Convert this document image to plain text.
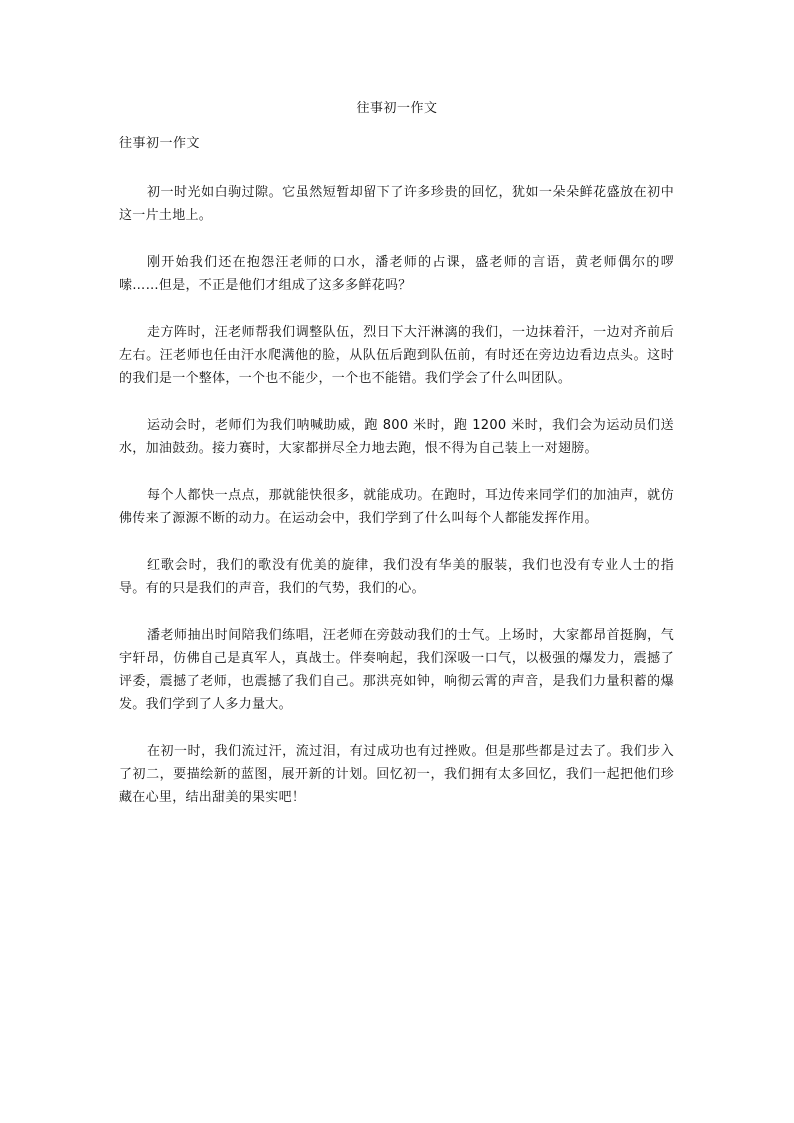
往事初一作文
往事初一作文

初一时光如白驹过隙。它虽然短暂却留下了许多珍贵的回忆，犹如一朵朵鲜花盛放在初中这一片土地上。

刚开始我们还在抱怨汪老师的口水，潘老师的占课，盛老师的言语，黄老师偶尔的啰嗦……但是，不正是他们才组成了这多多鲜花吗？

走方阵时，汪老师帮我们调整队伍，烈日下大汗淋漓的我们，一边抹着汗，一边对齐前后左右。汪老师也任由汗水爬满他的脸，从队伍后跑到队伍前，有时还在旁边边看边点头。这时的我们是一个整体，一个也不能少，一个也不能错。我们学会了什么叫团队。

运动会时，老师们为我们呐喊助威，跑 800 米时，跑 1200 米时，我们会为运动员们送水，加油鼓劲。接力赛时，大家都拼尽全力地去跑，恨不得为自己装上一对翅膀。

每个人都快一点点，那就能快很多，就能成功。在跑时，耳边传来同学们的加油声，就仿佛传来了源源不断的动力。在运动会中，我们学到了什么叫每个人都能发挥作用。

红歌会时，我们的歌没有优美的旋律，我们没有华美的服装，我们也没有专业人士的指导。有的只是我们的声音，我们的气势，我们的心。

潘老师抽出时间陪我们练唱，汪老师在旁鼓动我们的士气。上场时，大家都昂首挺胸，气宇轩昂，仿佛自己是真军人，真战士。伴奏响起，我们深吸一口气，以极强的爆发力，震撼了评委，震撼了老师，也震撼了我们自己。那洪亮如钟，响彻云霄的声音，是我们力量积蓄的爆发。我们学到了人多力量大。

在初一时，我们流过汗，流过泪，有过成功也有过挫败。但是那些都是过去了。我们步入了初二，要描绘新的蓝图，展开新的计划。回忆初一，我们拥有太多回忆，我们一起把他们珍藏在心里，结出甜美的果实吧！
